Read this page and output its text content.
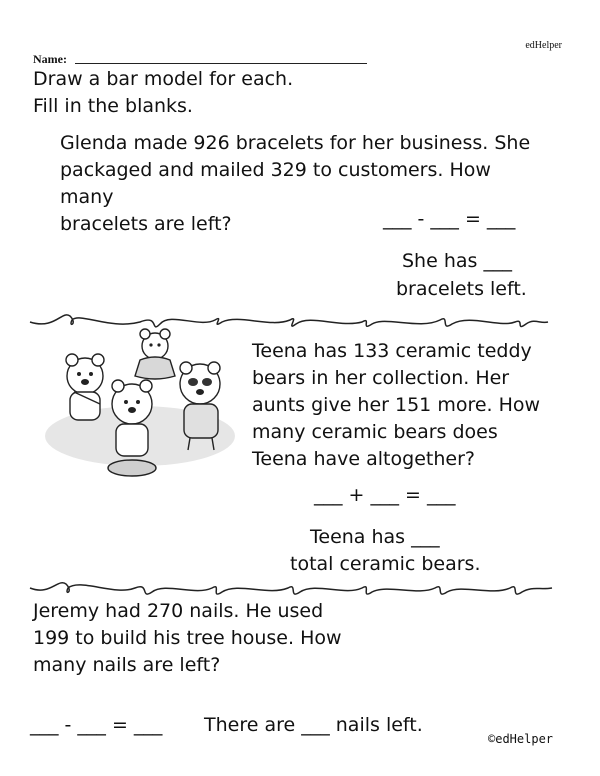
edHelper
Name:
Draw a bar model for each.
Fill in the blanks.
Glenda made 926 bracelets for her business. She
packaged and mailed 329 to customers. How many
bracelets are left?	___ - ___ = ___
She has ___
bracelets left.
Teena has 133 ceramic teddy
bears in her collection. Her
aunts give her 151 more. How
many ceramic bears does
Teena have altogether?
___ + ___ = ___
Teena has ___
total ceramic bears.
Jeremy had 270 nails. He used
199 to build his tree house. How
many nails are left?
___ - ___ = ___ There are ___ nails left.
©edHelper
